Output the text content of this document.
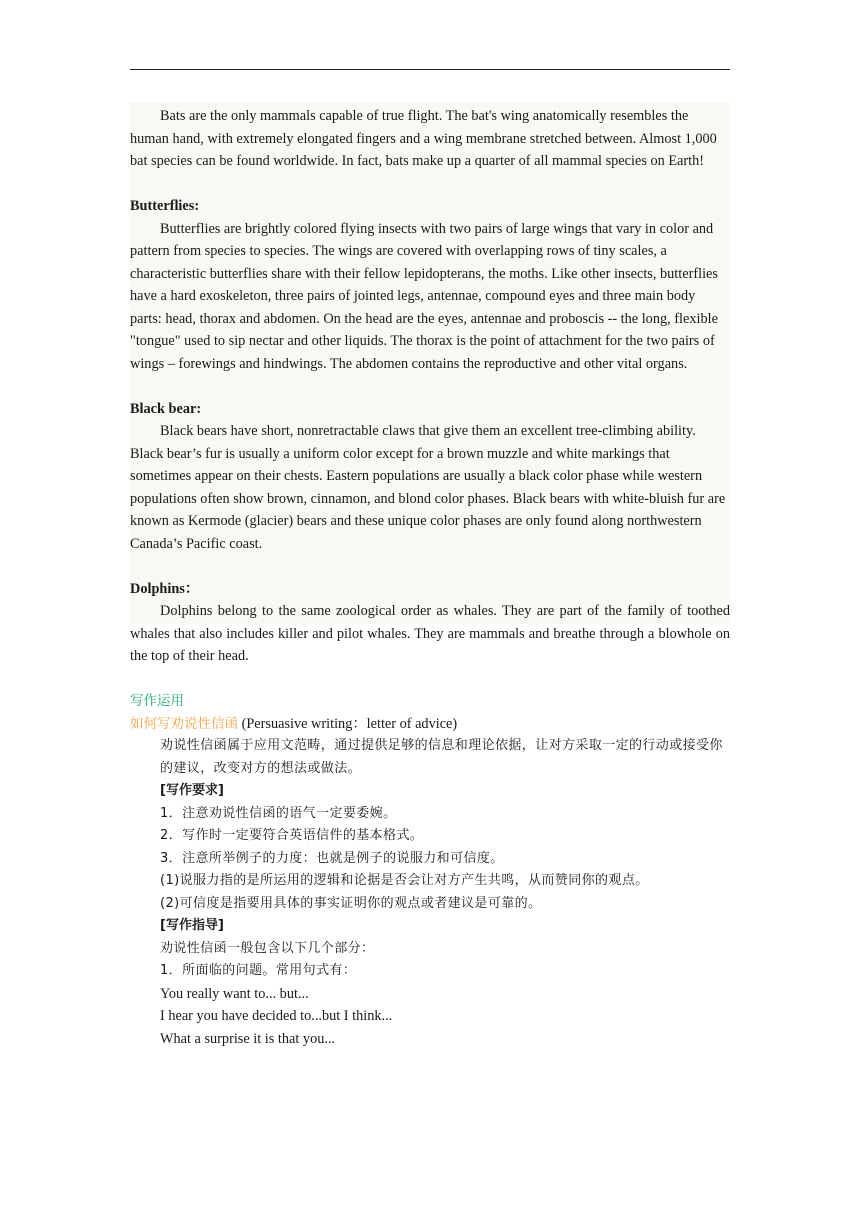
Bats are the only mammals capable of true flight. The bat's wing anatomically resembles the human hand, with extremely elongated fingers and a wing membrane stretched between. Almost 1,000 bat species can be found worldwide. In fact, bats make up a quarter of all mammal species on Earth!

Butterflies:

Butterflies are brightly colored flying insects with two pairs of large wings that vary in color and pattern from species to species. The wings are covered with overlapping rows of tiny scales, a characteristic butterflies share with their fellow lepidopterans, the moths. Like other insects, butterflies have a hard exoskeleton, three pairs of jointed legs, antennae, compound eyes and three main body parts: head, thorax and abdomen. On the head are the eyes, antennae and proboscis -- the long, flexible "tongue" used to sip nectar and other liquids. The thorax is the point of attachment for the two pairs of wings – forewings and hindwings. The abdomen contains the reproductive and other vital organs.

Black bear:

Black bears have short, nonretractable claws that give them an excellent tree-climbing ability. Black bear’s fur is usually a uniform color except for a brown muzzle and white markings that sometimes appear on their chests. Eastern populations are usually a black color phase while western populations often show brown, cinnamon, and blond color phases. Black bears with white-bluish fur are known as Kermode (glacier) bears and these unique color phases are only found along northwestern Canada’s Pacific coast.

Dolphins：

Dolphins belong to the same zoological order as whales. They are part of the family of toothed whales that also includes killer and pilot whales. They are mammals and breathe through a blowhole on the top of their head.

写作运用

如何写劝说性信函 (Persuasive writing：letter of advice)

劝说性信函属于应用文范畴，通过提供足够的信息和理论依据，让对方采取一定的行动或接受你的建议，改变对方的想法或做法。

[写作要求]

1．注意劝说性信函的语气一定要委婉。

2．写作时一定要符合英语信件的基本格式。

3．注意所举例子的力度：也就是例子的说服力和可信度。

(1)说服力指的是所运用的逻辑和论据是否会让对方产生共鸣，从而赞同你的观点。

(2)可信度是指要用具体的事实证明你的观点或者建议是可靠的。

[写作指导]

劝说性信函一般包含以下几个部分：

1．所面临的问题。常用句式有：

You really want to... but...

I hear you have decided to...but I think...

What a surprise it is that you...
